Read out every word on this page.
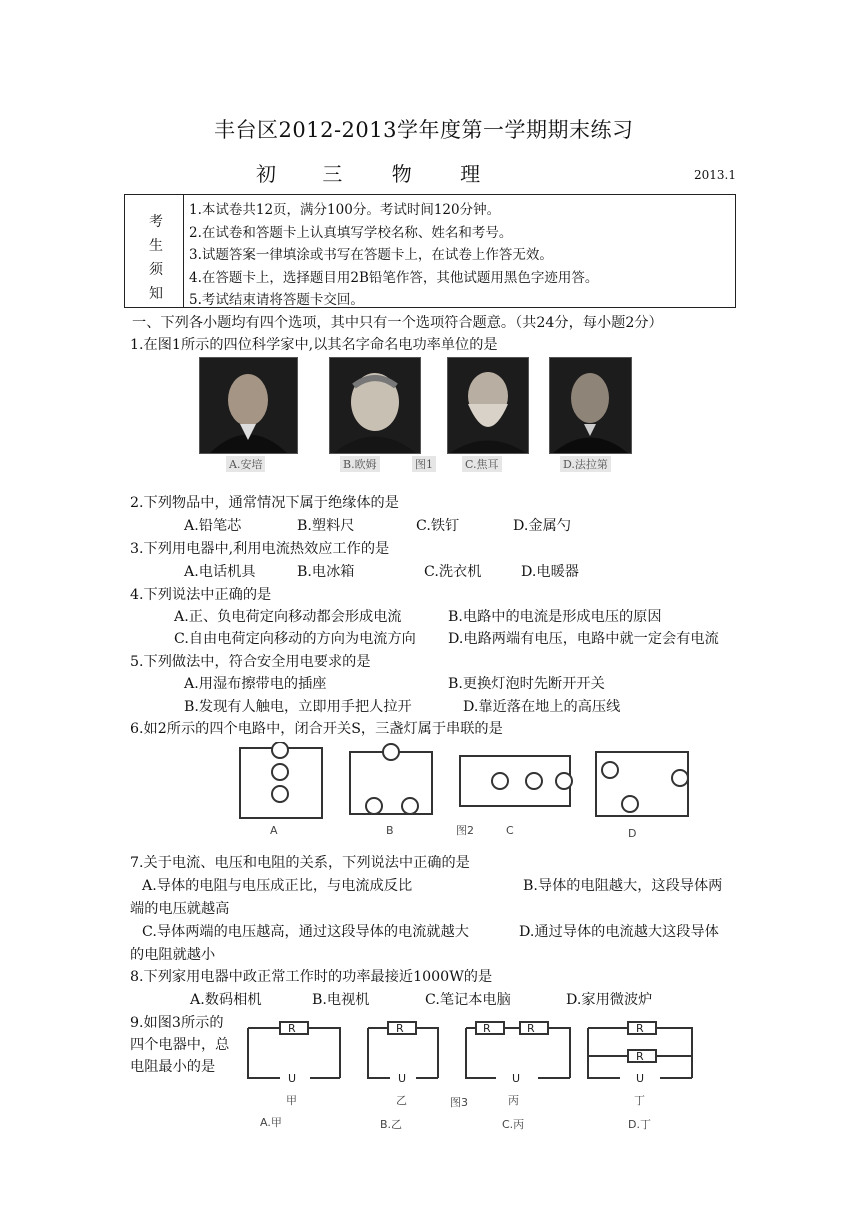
丰台区2012-2013学年度第一学期期末练习
初 三 物 理	2013.1
考
生
须
知
1.本试卷共12页，满分100分。考试时间120分钟。
2.在试卷和答题卡上认真填写学校名称、姓名和考号。
3.试题答案一律填涂或书写在答题卡上，在试卷上作答无效。
4.在答题卡上，选择题目用2B铅笔作答，其他试题用黑色字迹用答。
5.考试结束请将答题卡交回。
一、下列各小题均有四个选项，其中只有一个选项符合题意。（共24分，每小题2分）
1.在图1所示的四位科学家中,以其名字命名电功率单位的是
A.安培	B.欧姆	图1	C.焦耳	D.法拉第
2.下列物品中，通常情况下属于绝缘体的是
A.铅笔芯	B.塑料尺	C.铁钉	D.金属勺
3.下列用电器中,利用电流热效应工作的是
A.电话机具	B.电冰箱	C.洗衣机	D.电暖器
4.下列说法中正确的是
A.正、负电荷定向移动都会形成电流	B.电路中的电流是形成电压的原因
C.自由电荷定向移动的方向为电流方向 D.电路两端有电压，电路中就一定会有电流
5.下列做法中，符合安全用电要求的是
A.用湿布擦带电的插座	B.更换灯泡时先断开开关
B.发现有人触电，立即用手把人拉开	D.靠近落在地上的高压线
6.如2所示的四个电路中，闭合开关S，三盏灯属于串联的是
A	B	图2	C	D
7.关于电流、电压和电阻的关系，下列说法中正确的是
A.导体的电阻与电压成正比，与电流成反比	B.导体的电阻越大，这段导体两
端的电压就越高
C.导体两端的电压越高，通过这段导体的电流就越大	D.通过导体的电流越大这段导体
的电阻就越小
8.下列家用电器中政正常工作时的功率最接近1000W的是
A.数码相机	B.电视机	C.笔记本电脑	D.家用微波炉
9.如图3所示的
四个电器中，总
电阻最小的是
R	R	R	R	R
R
U	U	U	U
甲	乙	图3	丙	丁
A.甲	B.乙	C.丙	D.丁
